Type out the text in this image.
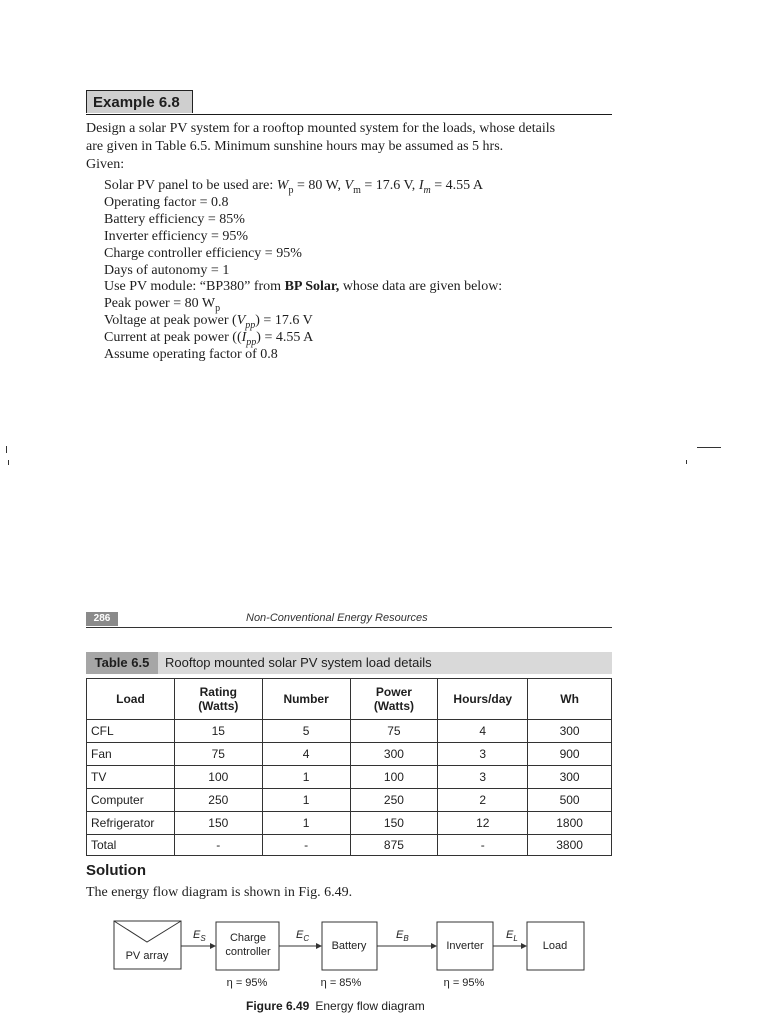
Example 6.8
Design a solar PV system for a rooftop mounted system for the loads, whose details
are given in Table 6.5. Minimum sunshine hours may be assumed as 5 hrs.
Given:
Solar PV panel to be used are: $W_p = 80$ W, $V_m = 17.6$ V, $I_m = 4.55$ A
Operating factor = 0.8
Battery efficiency = 85%
Inverter efficiency = 95%
Charge controller efficiency = 95%
Days of autonomy = 1
Use PV module: “BP380” from BP Solar, whose data are given below:
Peak power = 80 $W_p$
Voltage at peak power $(V_{pp}) = 17.6$ V
Current at peak power ($(I_{pp}) = 4.55$ A
Assume operating factor of 0.8
286	Non-Conventional Energy Resources
Table 6.5	Rooftop mounted solar PV system load details
Load	Rating (Watts)	Number	Power (Watts)	Hours/day	Wh
CFL	15	5	75	4	300
Fan	75	4	300	3	900
TV	100	1	100	3	300
Computer	250	1	250	2	500
Refrigerator	150	1	150	12	1800
Total	-	-	875	-	3800
Solution
The energy flow diagram is shown in Fig. 6.49.
PV array
$E_S$ Charge
controller
η = 95%
$E_C$
Battery
η = 85%
$E_B$
Inverter
η = 95%
$E_L$
Load
Figure 6.49 Energy flow diagram
